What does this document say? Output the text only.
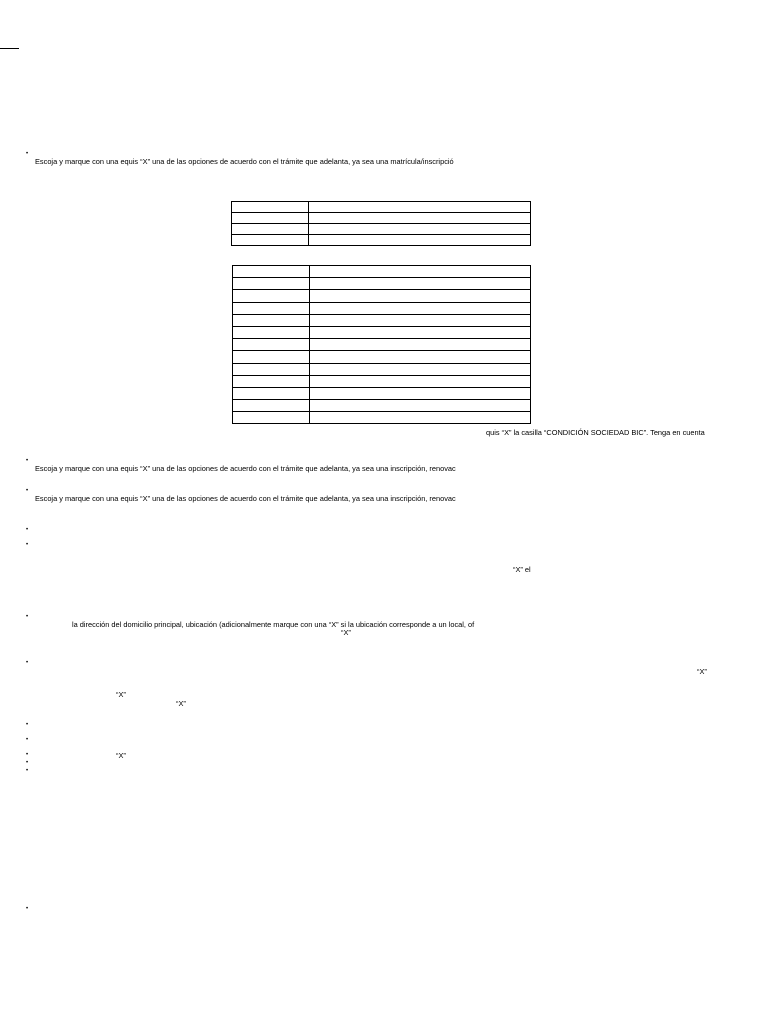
•
Escoja y marque con una equis “X” una de las opciones de acuerdo con el trámite que adelanta, ya sea una matrícula/inscripció

quis “X” la casilla “CONDICIÓN SOCIEDAD BIC”. Tenga en cuenta
•
Escoja y marque con una equis “X” una de las opciones de acuerdo con el trámite que adelanta, ya sea una inscripción, renovac
•
Escoja y marque con una equis “X” una de las opciones de acuerdo con el trámite que adelanta, ya sea una inscripción, renovac
•
•
“X” el
•
la dirección del domicilio principal, ubicación (adicionalmente marque con una “X” si la ubicación corresponde a un local, of
“X”
•
“X”
“X”
“X”
•
•
•	“X”
•
•
•
